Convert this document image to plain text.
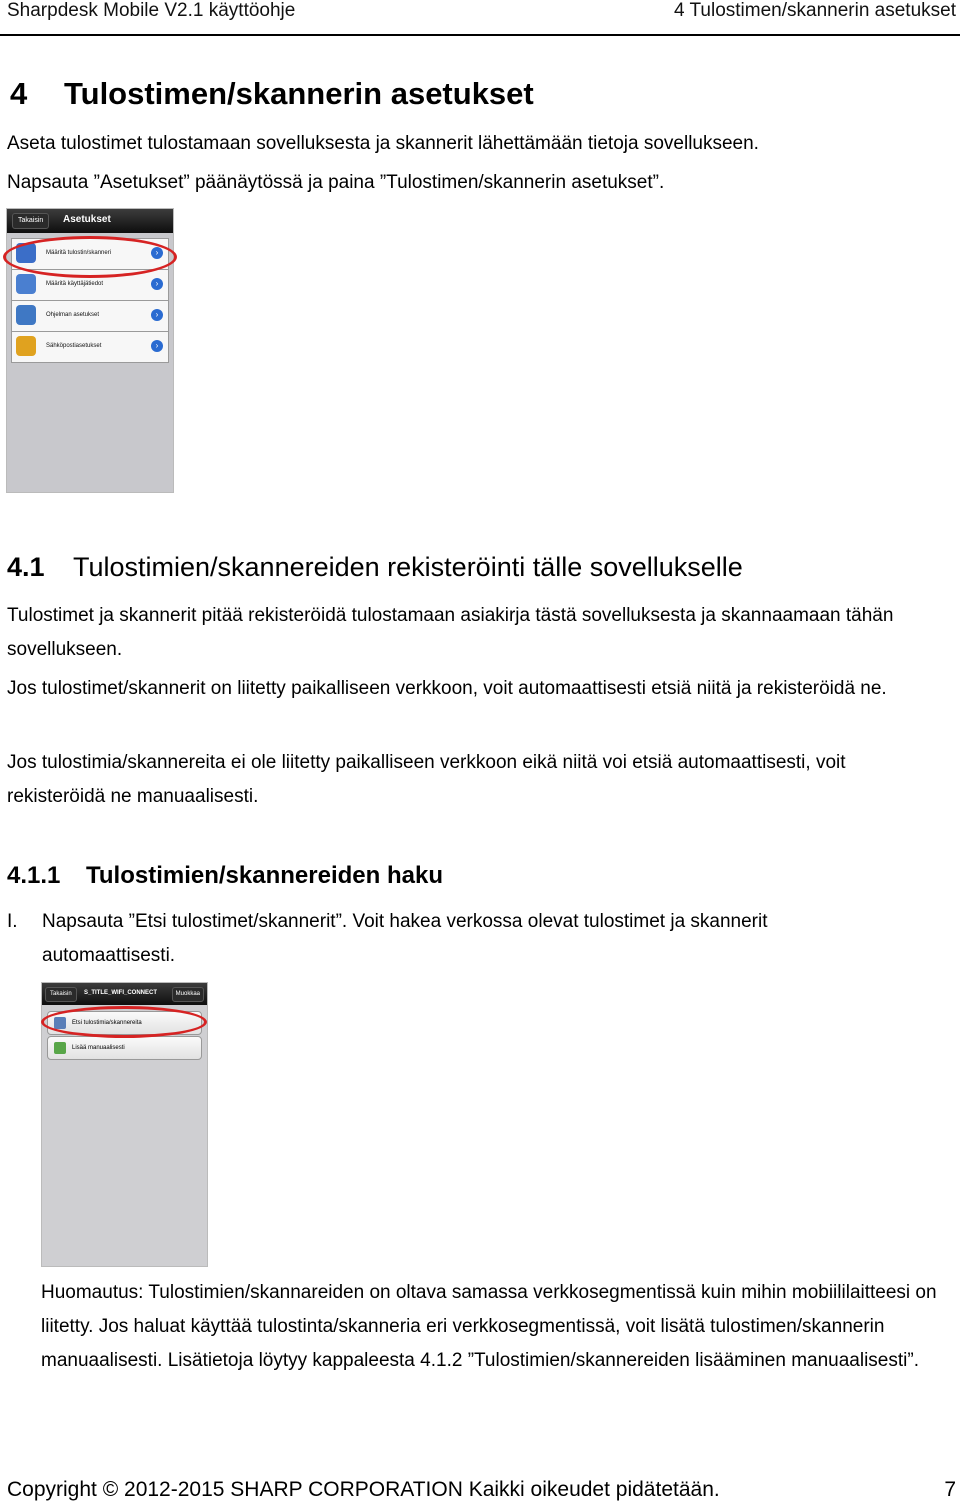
Sharpdesk Mobile V2.1 käyttöohje	4 Tulostimen/skannerin asetukset
4 Tulostimen/skannerin asetukset
Aseta tulostimet tulostamaan sovelluksesta ja skannerit lähettämään tietoja sovellukseen.
Napsauta ”Asetukset” päänäytössä ja paina ”Tulostimen/skannerin asetukset”.
Takaisin	Asetukset
Määritä tulostin/skanneri	›
Määritä käyttäjätiedot	›
Ohjelman asetukset	›
Sähköpostiasetukset	›
4.1 Tulostimien/skannereiden rekisteröinti tälle sovellukselle
Tulostimet ja skannerit pitää rekisteröidä tulostamaan asiakirja tästä sovelluksesta ja skannaamaan tähän sovellukseen.
Jos tulostimet/skannerit on liitetty paikalliseen verkkoon, voit automaattisesti etsiä niitä ja rekisteröidä ne.
Jos tulostimia/skannereita ei ole liitetty paikalliseen verkkoon eikä niitä voi etsiä automaattisesti, voit rekisteröidä ne manuaalisesti.
4.1.1 Tulostimien/skannereiden haku
I. Napsauta ”Etsi tulostimet/skannerit”. Voit hakea verkossa olevat tulostimet ja skannerit automaattisesti.
Takaisin	S_TITLE_WIFI_CONNECT	Muokkaa
Etsi tulostimia/skannereita
Lisää manuaalisesti
Huomautus: Tulostimien/skannareiden on oltava samassa verkkosegmentissä kuin mihin mobiililaitteesi on liitetty. Jos haluat käyttää tulostinta/skanneria eri verkkosegmentissä, voit lisätä tulostimen/skannerin manuaalisesti. Lisätietoja löytyy kappaleesta 4.1.2 ”Tulostimien/skannereiden lisääminen manuaalisesti”.
Copyright © 2012-2015 SHARP CORPORATION Kaikki oikeudet pidätetään.	7
